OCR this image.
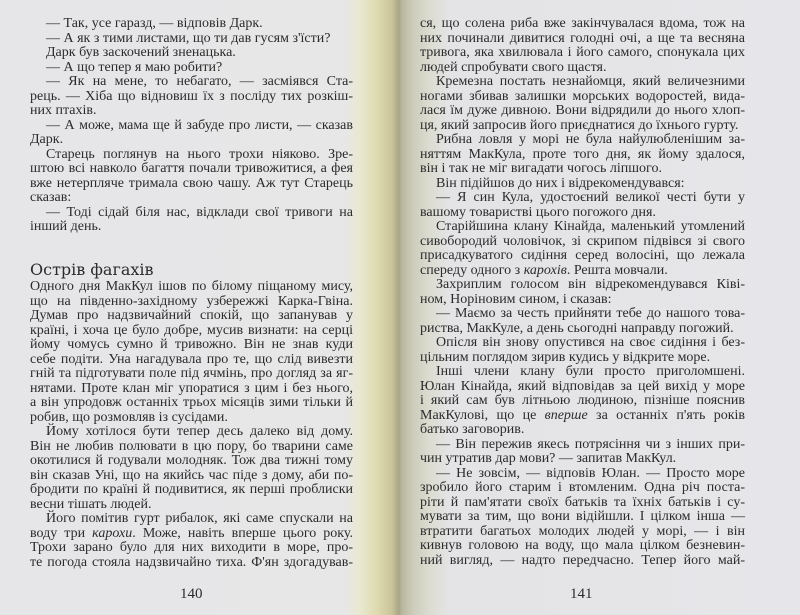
Острів фагахів
140
— Так, усе гаразд, — відповів Дарк.
— А як з тими листами, що ти дав гусям з'їсти?
Дарк був заскочений зненацька.
— А що тепер я маю робити?
— Як на мене, то небагато, — засміявся Ста-
рець. — Хіба що відновиш їх з послiду тих розкіш-
них птахів.
— А може, мама ще й забуде про листи, — сказав
Дарк.
Старець поглянув на нього трохи ніяково. Зре-
штою всі навколо багаття почали тривожитися, а фея
вже нетерпляче тримала свою чашу. Аж тут Старець
сказав:
— Тоді сідай біля нас, відклади свої тривоги на
інший день.
Одного дня МакКул ішов по білому піщаному мису,
що на південно-західному узбережжі Карка-Гвіна.
Думав про надзвичайний спокій, що запанував у
країні, і хоча це було добре, мусив визнати: на серці
йому чомусь сумно й тривожно. Він не знав куди
себе подіти. Уна нагадувала про те, що слід вивезти
гній та підготувати поле під ячмінь, про догляд за яг-
нятами. Проте клан міг упоратися з цим і без нього,
а він упродовж останніх трьох місяців зими тільки й
робив, що розмовляв із сусідами.
Йому хотілося бути тепер десь далеко від дому.
Він не любив полювати в цю пору, бо тварини саме
окотилися й годували молодняк. Тож два тижні тому
він сказав Уні, що на якийсь час піде з дому, аби по-
бродити по країні й подивитися, як перші проблиски
весни тішать людей.
Його помітив гурт рибалок, які саме спускали на
воду три карохи. Може, навіть вперше цього року.
Трохи зарано було для них виходити в море, про-
те погода стояла надзвичайно тиха. Ф'ян здогадував-
141
ся, що солена риба вже закінчувалася вдома, тож на
них починали дивитися голодні очі, а ще та весняна
тривога, яка хвилювала і його самого, спонукала цих
людей спробувати свого щастя.
Кремезна постать незнайомця, який величезними
ногами збивав залишки морських водоростей, вида-
лася їм дуже дивною. Вони відрядили до нього хлоп-
ця, який запросив його приєднатися до їхнього гурту.
Рибна ловля у морі не була найулюбленішим за-
няттям МакКула, проте того дня, як йому здалося,
він і так не міг вигадати чогось ліпшого.
Він підійшов до них і відрекомендувався:
— Я син Кула, удостоєний великої честі бути у
вашому товаристві цього погожого дня.
Старійшина клану Кінайда, маленький утомлений
сивобородий чоловічок, зі скрипом підвівся зі свого
присадкуватого сидіння серед волосіні, що лежала
спереду одного з карохів. Решта мовчали.
Захриплим голосом він відрекомендувався Ківі-
ном, Норіновим сином, і сказав:
— Маємо за честь прийняти тебе до нашого това-
риства, МакКуле, а день сьогодні направду погожий.
Опісля він знову опустився на своє сидіння і без-
цільним поглядом зирив кудись у відкрите море.
Інші члени клану були просто приголомшені.
Юлан Кінайда, який відповідав за цей вихід у море
і який сам був літньою людиною, пізніше пояснив
МакКулові, що це вперше за останніх п'ять років
батько заговорив.
— Він пережив якесь потрясіння чи з інших при-
чин утратив дар мови? — запитав МакКул.
— Не зовсім, — відповів Юлан. — Просто море
зробило його старим і втомленим. Одна річ поста-
ріти й пам'ятати своїх батьків та їхніх батьків і су-
мувати за тим, що вони відійшли. І цілком інша —
втратити багатьох молодих людей у морі, — і він
кивнув головою на воду, що мала цілком безневин-
ний вигляд, — надто передчасно. Тепер його май-
